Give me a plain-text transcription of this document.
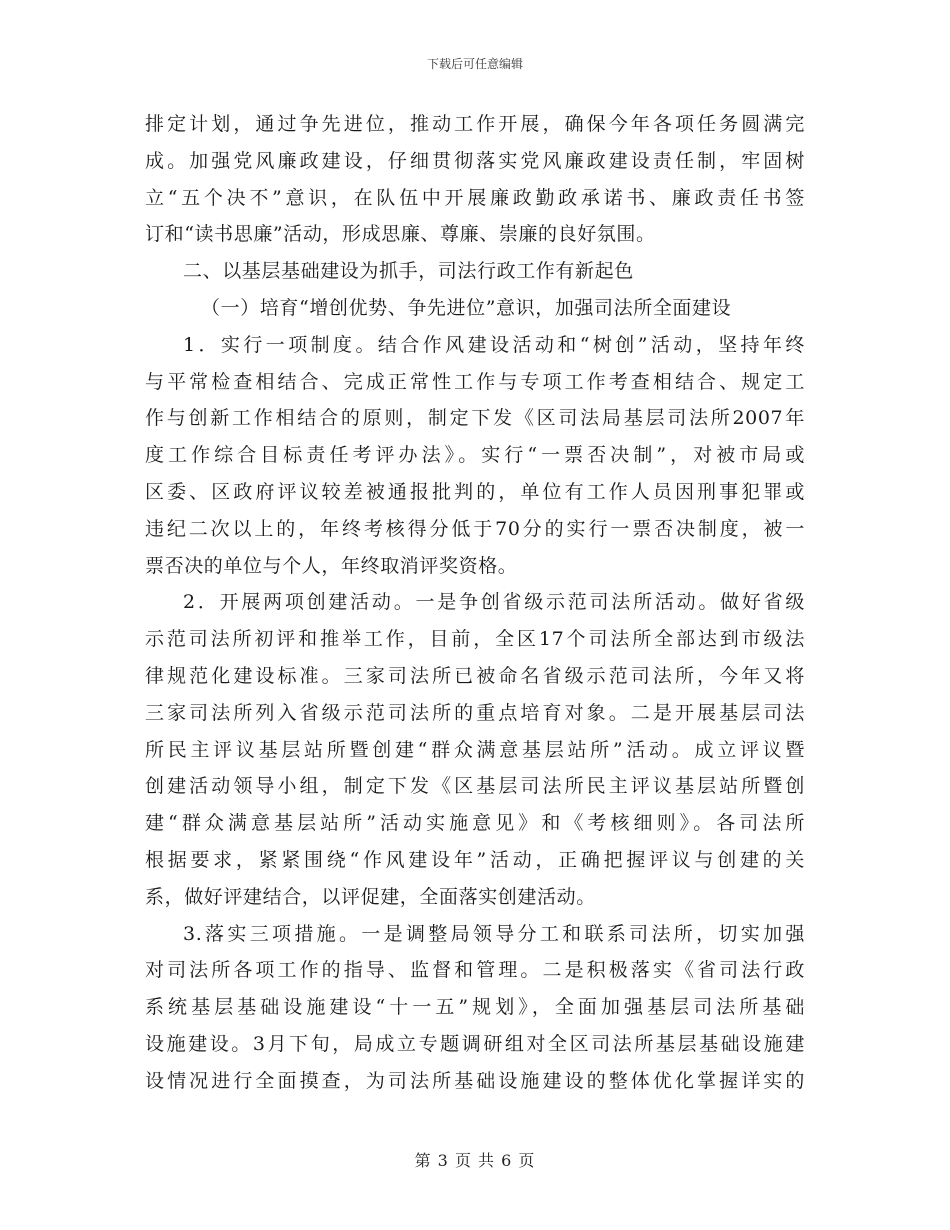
下载后可任意编辑
排定计划，通过争先进位，推动工作开展，确保今年各项任务圆满完
成。加强党风廉政建设，仔细贯彻落实党风廉政建设责任制，牢固树
立“五个决不”意识，在队伍中开展廉政勤政承诺书、廉政责任书签
订和“读书思廉”活动，形成思廉、尊廉、崇廉的良好氛围。
二、以基层基础建设为抓手，司法行政工作有新起色
（一）培育“增创优势、争先进位”意识，加强司法所全面建设
1．实行一项制度。结合作风建设活动和“树创”活动，坚持年终
与平常检查相结合、完成正常性工作与专项工作考查相结合、规定工
作与创新工作相结合的原则，制定下发《区司法局基层司法所2007年
度工作综合目标责任考评办法》。实行“一票否决制”，对被市局或
区委、区政府评议较差被通报批判的，单位有工作人员因刑事犯罪或
违纪二次以上的，年终考核得分低于70分的实行一票否决制度，被一
票否决的单位与个人，年终取消评奖资格。
2．开展两项创建活动。一是争创省级示范司法所活动。做好省级
示范司法所初评和推举工作，目前，全区17个司法所全部达到市级法
律规范化建设标准。三家司法所已被命名省级示范司法所，今年又将
三家司法所列入省级示范司法所的重点培育对象。二是开展基层司法
所民主评议基层站所暨创建“群众满意基层站所”活动。成立评议暨
创建活动领导小组，制定下发《区基层司法所民主评议基层站所暨创
建“群众满意基层站所”活动实施意见》和《考核细则》。各司法所
根据要求，紧紧围绕“作风建设年”活动，正确把握评议与创建的关
系，做好评建结合，以评促建，全面落实创建活动。
3.落实三项措施。一是调整局领导分工和联系司法所，切实加强
对司法所各项工作的指导、监督和管理。二是积极落实《省司法行政
系统基层基础设施建设“十一五”规划》，全面加强基层司法所基础
设施建设。3月下旬，局成立专题调研组对全区司法所基层基础设施建
设情况进行全面摸查，为司法所基础设施建设的整体优化掌握详实的
第 3 页 共 6 页
